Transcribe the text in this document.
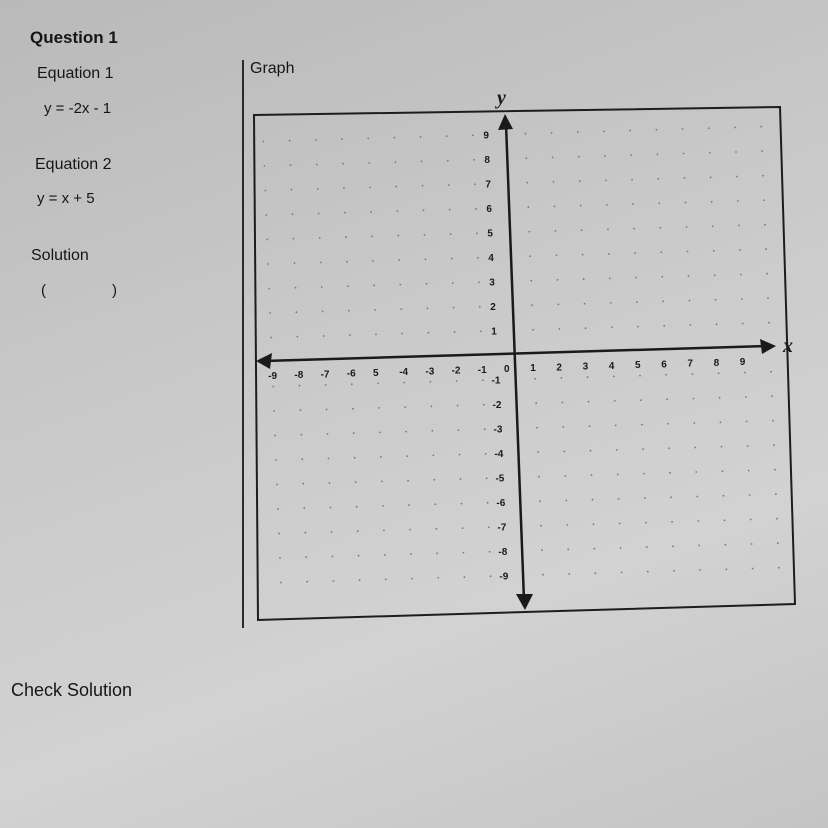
Question 1
Equation 1
y = -2x - 1
Equation 2
y = x + 5
Solution
(	)
Check Solution
Graph
y
x
-9 -8 -7 -6 5 -4 -3 -2 -1 0 1 2 3 4 5 6 7 8 9
9
8
7
6
5
4
3
2
1
-1
-2
-3
-4
-5
-6
-7
-8
-9
